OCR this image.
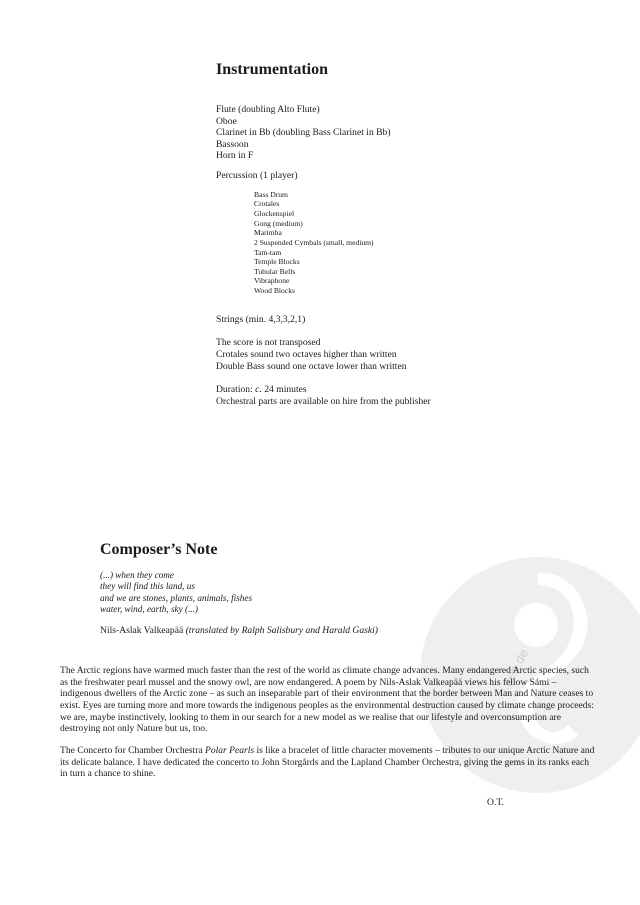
...ten.de
Instrumentation

Flute (doubling Alto Flute)

Oboe

Clarinet in Bb (doubling Bass Clarinet in Bb)

Bassoon

Horn in F

Percussion (1 player)

Bass Drum

Crotales

Glockenspiel

Gong (medium)

Marimba

2 Suspended Cymbals (small, medium)

Tam-tam

Temple Blocks

Tubular Bells

Vibraphone

Wood Blocks

Strings (min. 4,3,3,2,1)

The score is not transposed

Crotales sound two octaves higher than written

Double Bass sound one octave lower than written

Duration: c. 24 minutes

Orchestral parts are available on hire from the publisher

Composer’s Note

(...) when they come

they will find this land, us

and we are stones, plants, animals, fishes

water, wind, earth, sky (...)

Nils-Aslak Valkeapää (translated by Ralph Salisbury and Harald Gaski)

The Arctic regions have warmed much faster than the rest of the world as climate change advances. Many endangered Arctic species, such as the freshwater pearl mussel and the snowy owl, are now endangered. A poem by Nils-Aslak Valkeapää views his fellow Sámi –indigenous dwellers of the Arctic zone – as such an inseparable part of their environment that the border between Man and Nature ceases to exist. Eyes are turning more and more towards the indigenous peoples as the environmental destruction caused by climate change proceeds: we are, maybe instinctively, looking to them in our search for a new model as we realise that our lifestyle and overconsumption are destroying not only Nature but us, too.

The Concerto for Chamber Orchestra Polar Pearls is like a bracelet of little character movements – tributes to our unique Arctic Nature and its delicate balance. I have dedicated the concerto to John Storgårds and the Lapland Chamber Orchestra, giving the gems in its ranks each in turn a chance to shine.

O.T.
